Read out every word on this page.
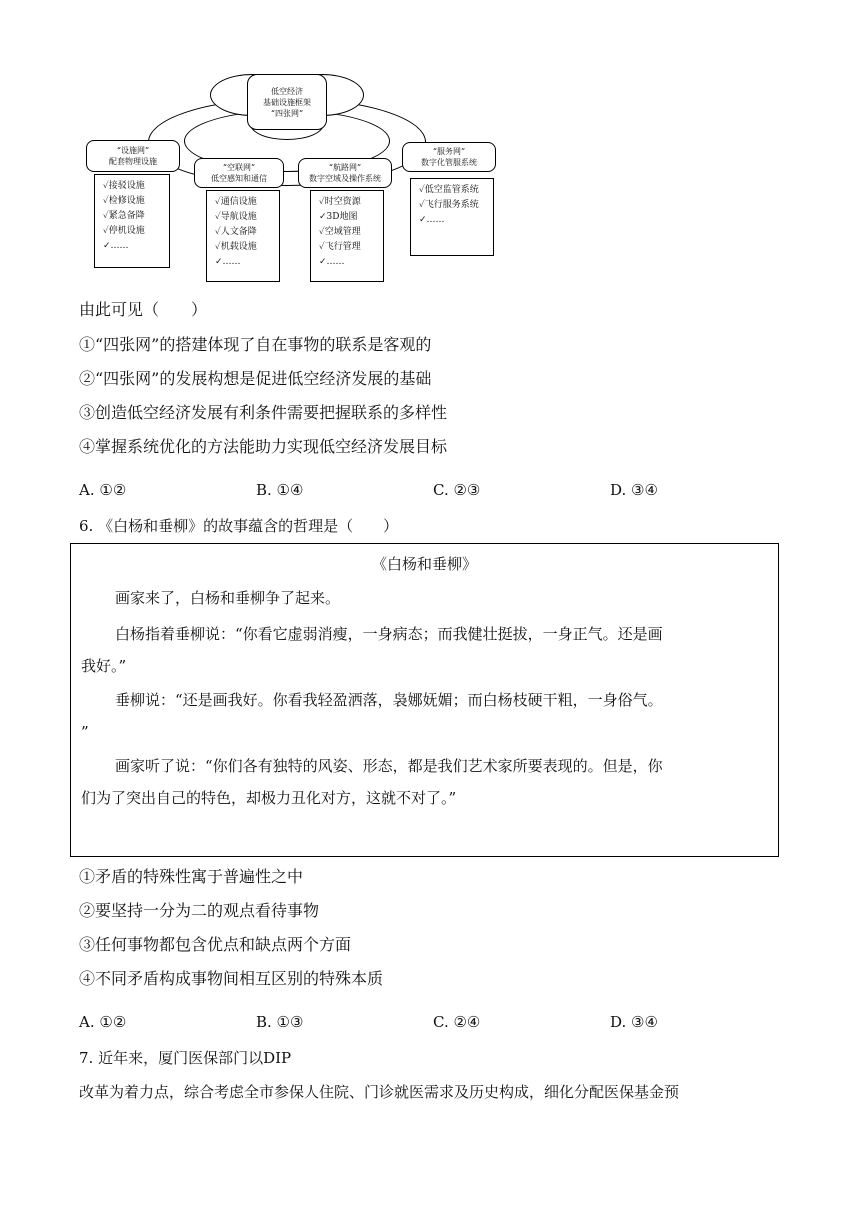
低空经济
基础设施框架
“四张网”
“设施网”
配套物理设施
✓接驳设施
✓检修设施
✓紧急备降
✓停机设施
✓……
“空联网”
低空感知和通信
✓通信设施
✓导航设施
✓人文备降
✓机载设施
✓……
“航路网”
数字空域及操作系统
✓时空资源
✓3D地图
✓空域管理
✓飞行管理
✓……
“服务网”
数字化管服系统
✓低空监管系统
✓飞行服务系统
✓……
由此可见（　　）
①“四张网”的搭建体现了自在事物的联系是客观的
②“四张网”的发展构想是促进低空经济发展的基础
③创造低空经济发展有利条件需要把握联系的多样性
④掌握系统优化的方法能助力实现低空经济发展目标
A. ①②	B. ①④	C. ②③	D. ③④
6. 《白杨和垂柳》的故事蕴含的哲理是（　　）
《白杨和垂柳》
画家来了，白杨和垂柳争了起来。
白杨指着垂柳说：“你看它虚弱消瘦，一身病态；而我健壮挺拔，一身正气。还是画
我好。”
垂柳说：“还是画我好。你看我轻盈洒落，袅娜妩媚；而白杨枝硬干粗，一身俗气。
”
画家听了说：“你们各有独特的风姿、形态，都是我们艺术家所要表现的。但是，你
们为了突出自己的特色，却极力丑化对方，这就不对了。”
①矛盾的特殊性寓于普遍性之中
②要坚持一分为二的观点看待事物
③任何事物都包含优点和缺点两个方面
④不同矛盾构成事物间相互区别的特殊本质
A. ①②	B. ①③	C. ②④	D. ③④
7. 近年来，厦门医保部门以DIP
改革为着力点，综合考虑全市参保人住院、门诊就医需求及历史构成，细化分配医保基金预
